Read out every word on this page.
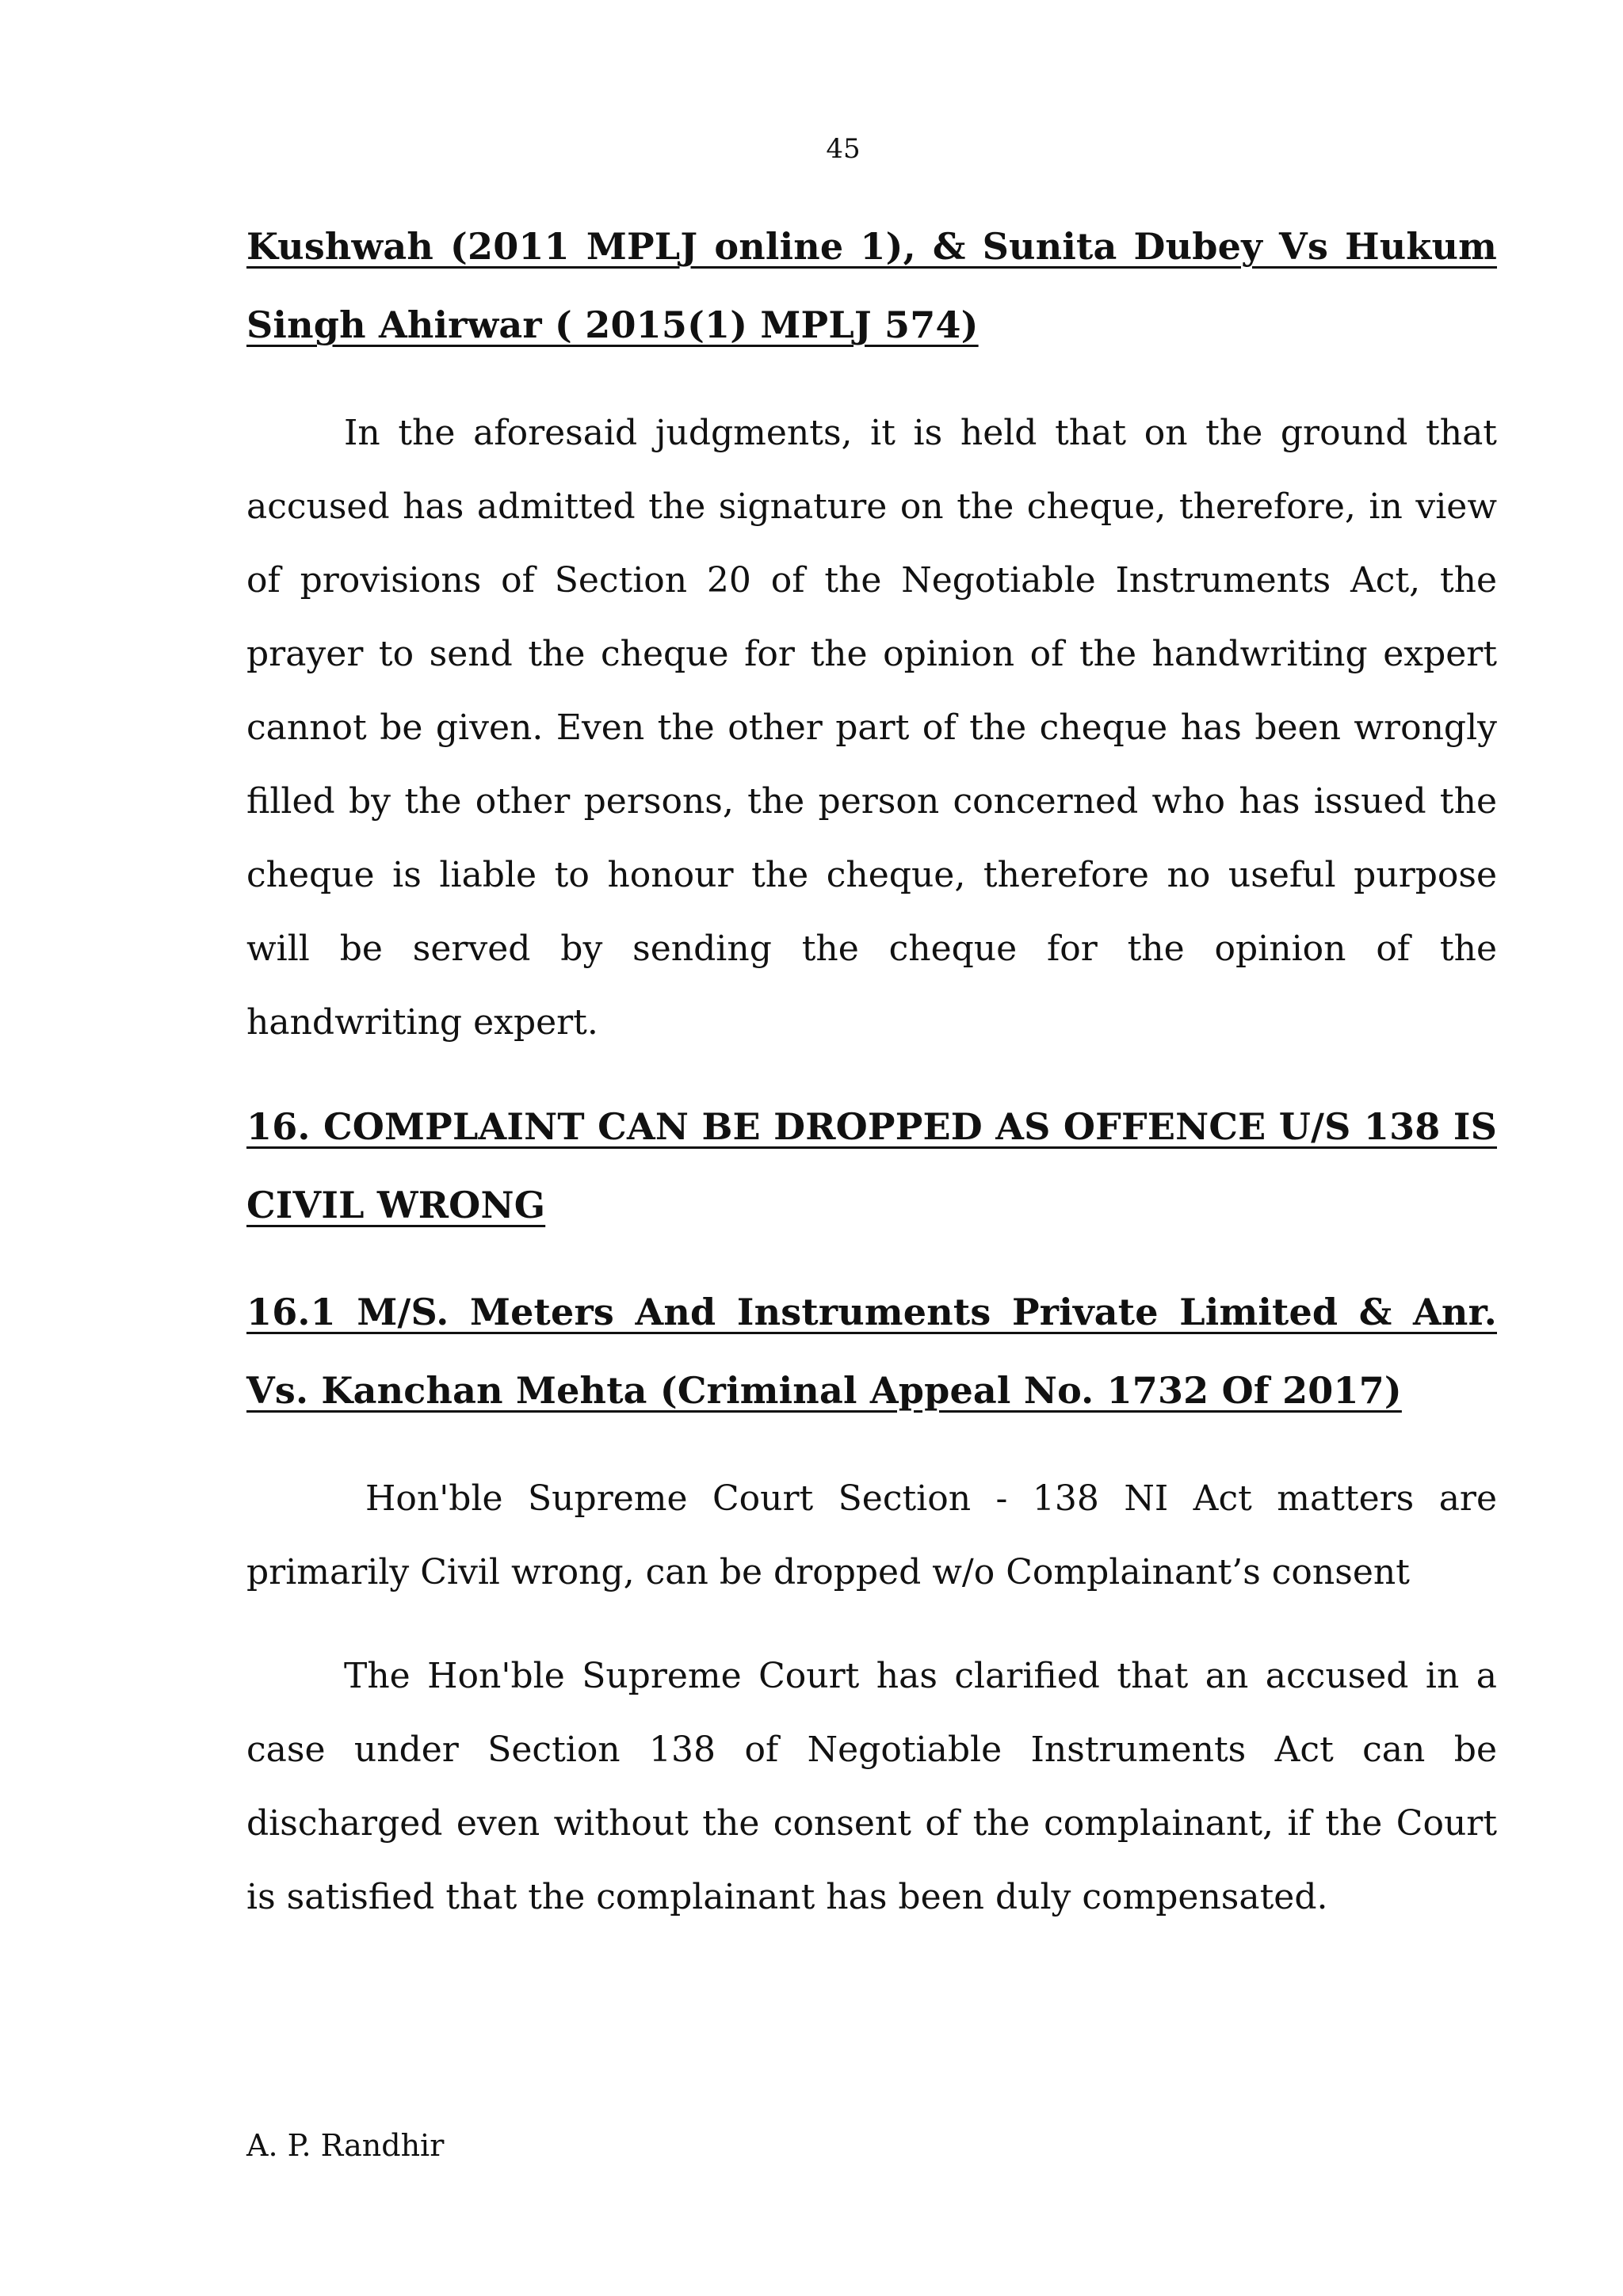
45
Kushwah (2011 MPLJ online 1), & Sunita Dubey Vs Hukum Singh Ahirwar ( 2015(1) MPLJ 574)

In the aforesaid judgments, it is held that on the ground that accused has admitted the signature on the cheque, therefore, in view of provisions of Section 20 of the Negotiable Instruments Act, the prayer to send the cheque for the opinion of the handwriting expert cannot be given. Even the other part of the cheque has been wrongly filled by the other persons, the person concerned who has issued the cheque is liable to honour the cheque, therefore no useful purpose will be served by sending the cheque for the opinion of the handwriting expert.

16. COMPLAINT CAN BE DROPPED AS OFFENCE U/S 138 IS CIVIL WRONG
16.1 M/S. Meters And Instruments Private Limited & Anr. Vs. Kanchan Mehta (Criminal Appeal No. 1732 Of 2017)

Hon'ble Supreme Court Section - 138 NI Act matters are primarily Civil wrong, can be dropped w/o Complainant’s consent

The Hon'ble Supreme Court has clarified that an accused in a case under Section 138 of Negotiable Instruments Act can be discharged even without the consent of the complainant, if the Court is satisfied that the complainant has been duly compensated.

A. P. Randhir
